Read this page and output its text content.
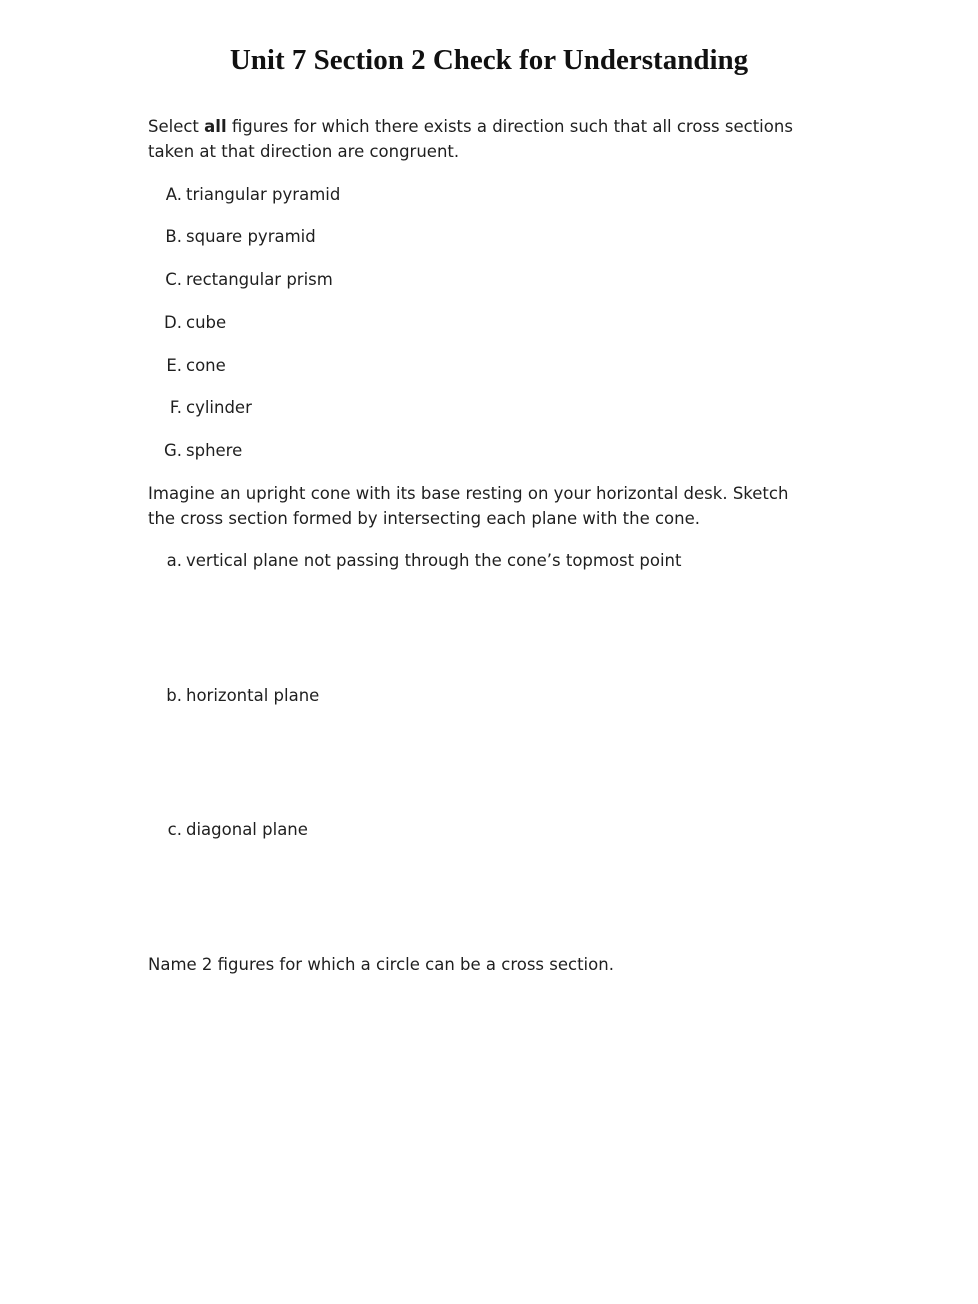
Unit 7 Section 2 Check for Understanding

Select all figures for which there exists a direction such that all cross sections taken at that direction are congruent.

A. triangular pyramid
B. square pyramid
C. rectangular prism
D. cube
E. cone
F. cylinder
G. sphere

Imagine an upright cone with its base resting on your horizontal desk. Sketch the cross section formed by intersecting each plane with the cone.

a. vertical plane not passing through the cone’s topmost point
b. horizontal plane
c. diagonal plane

Name 2 figures for which a circle can be a cross section.
